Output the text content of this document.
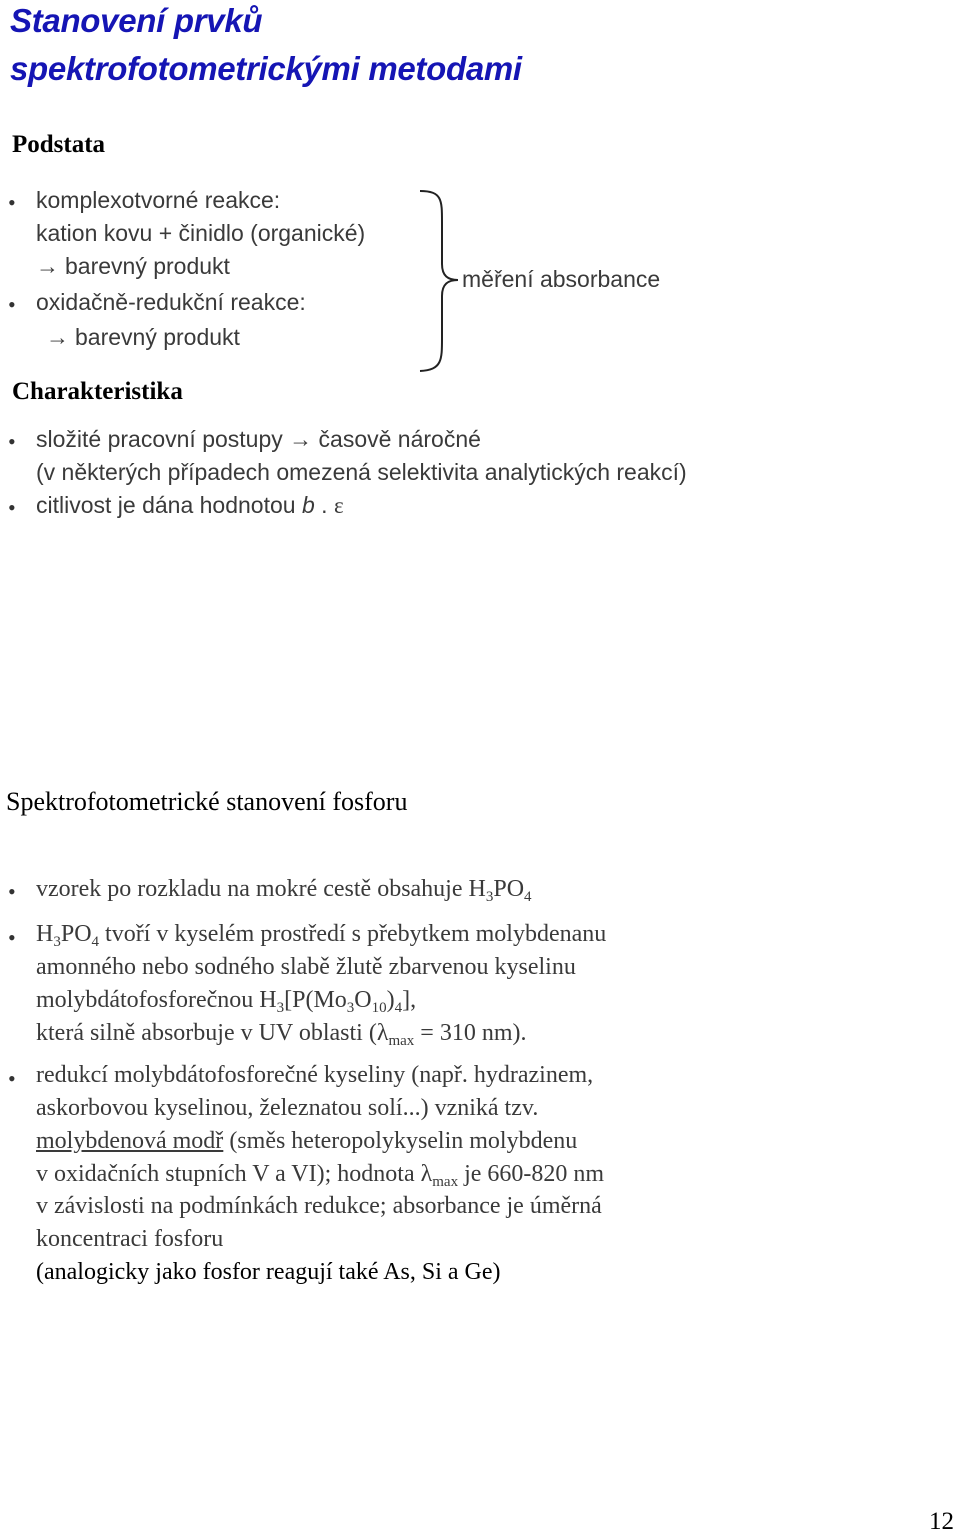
Stanovení prvků
spektrofotometrickými metodami
Podstata
• komplexotvorné reakce:
kation kovu + činidlo (organické)
→ barevný produkt
• oxidačně-redukční reakce:
→ barevný produkt
měření absorbance
Charakteristika
• složité pracovní postupy → časově náročné
(v některých případech omezená selektivita analytických reakcí)
• citlivost je dána hodnotou b . ε
Spektrofotometrické stanovení fosforu
• vzorek po rozkladu na mokré cestě obsahuje $H_3PO_4$
• $H_3PO_4$ tvoří v kyselém prostředí s přebytkem molybdenanu
amonného nebo sodného slabě žlutě zbarvenou kyselinu
molybdátofosforečnou $H_3[P(Mo_3O_{10})_4]$,
která silně absorbuje v UV oblasti ($\lambda_{max} = 310$ nm).
• redukcí molybdátofosforečné kyseliny (např. hydrazinem,
askorbovou kyselinou, železnatou solí...) vzniká tzv.
molybdenová modř (směs heteropolykyselin molybdenu
v oxidačních stupních V a VI); hodnota $\lambda_{max}$ je 660-820 nm
v závislosti na podmínkách redukce; absorbance je úměrná
koncentraci fosforu
(analogicky jako fosfor reagují také As, Si a Ge)
12
